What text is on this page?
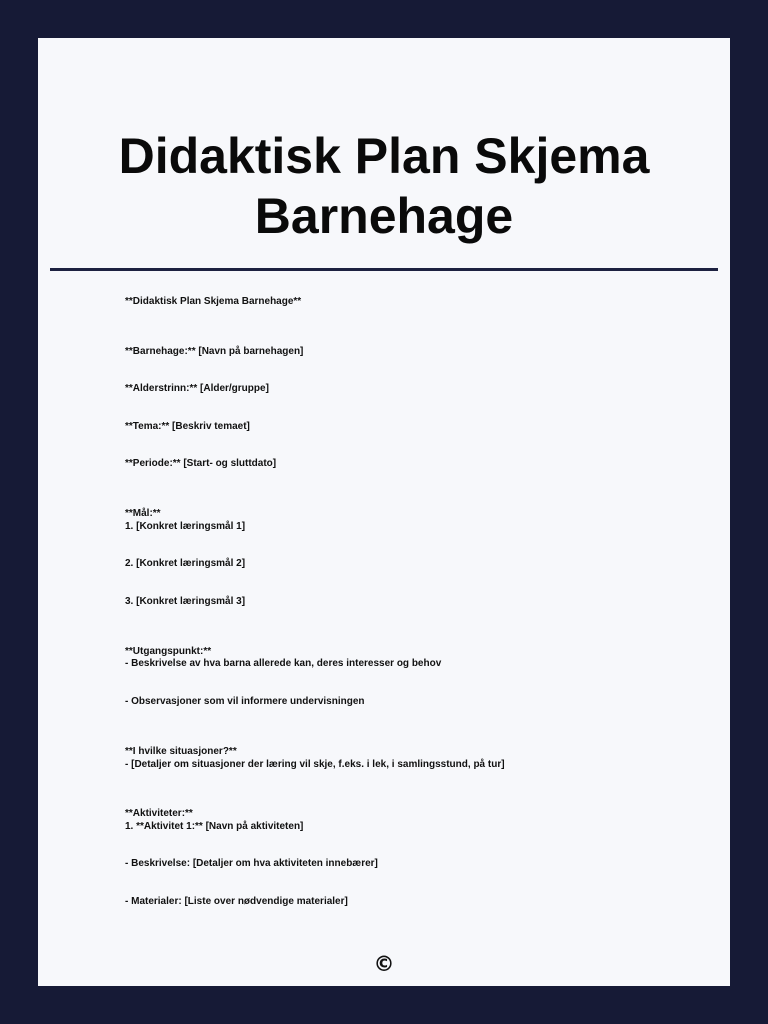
Didaktisk Plan Skjema
Barnehage
**Didaktisk Plan Skjema Barnehage**
**Barnehage:** [Navn på barnehagen]
**Alderstrinn:** [Alder/gruppe]
**Tema:** [Beskriv temaet]
**Periode:** [Start- og sluttdato]
**Mål:**
1. [Konkret læringsmål 1]
2. [Konkret læringsmål 2]
3. [Konkret læringsmål 3]
**Utgangspunkt:**
- Beskrivelse av hva barna allerede kan, deres interesser og behov
- Observasjoner som vil informere undervisningen
**I hvilke situasjoner?**
- [Detaljer om situasjoner der læring vil skje, f.eks. i lek, i samlingsstund, på tur]
**Aktiviteter:**
1. **Aktivitet 1:** [Navn på aktiviteten]
- Beskrivelse: [Detaljer om hva aktiviteten innebærer]
- Materialer: [Liste over nødvendige materialer]
©
